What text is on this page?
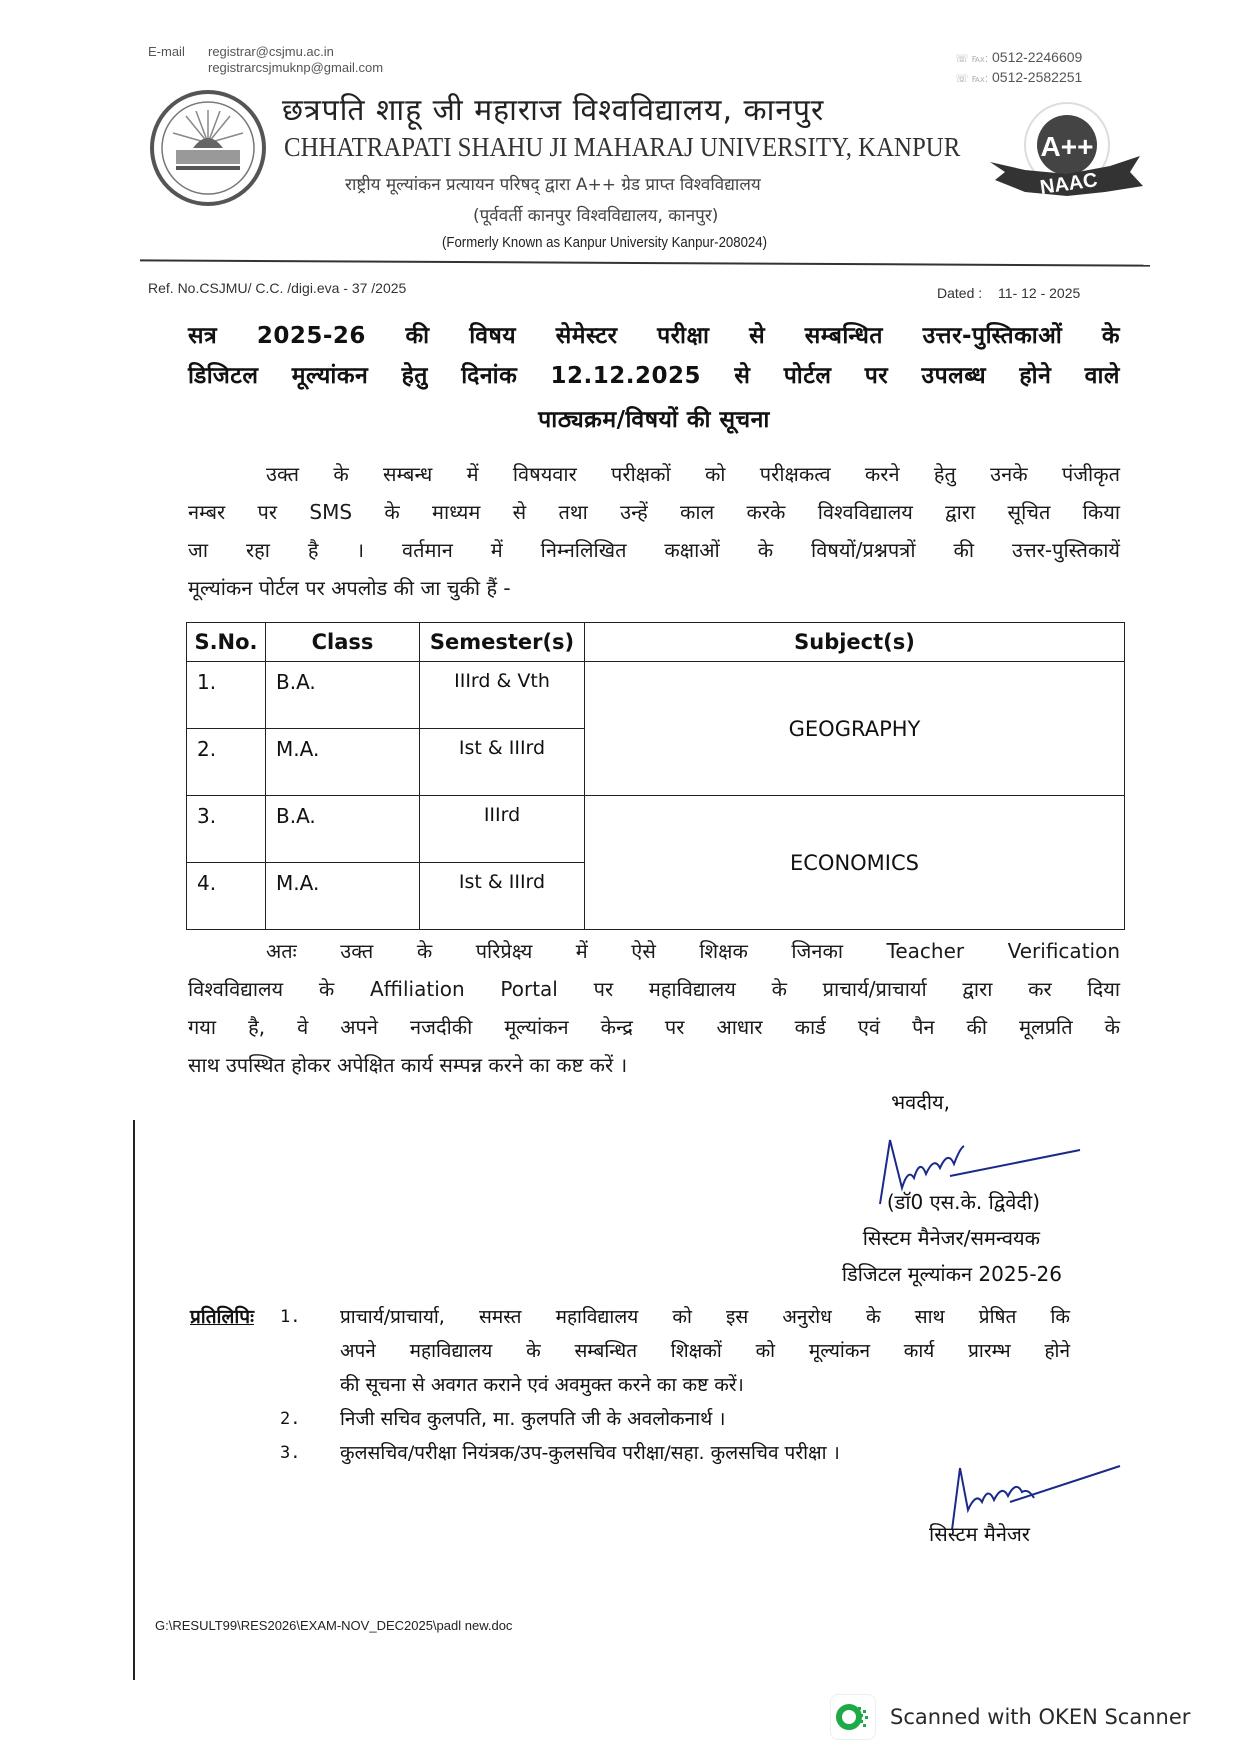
E-mail registrar@csjmu.ac.in
registrarcsjmuknp@gmail.com
☏ ℻: 0512-2246609
☏ ℻: 0512-2582251
छत्रपति शाहू जी महाराज विश्वविद्यालय, कानपुर
CHHATRAPATI SHAHU JI MAHARAJ UNIVERSITY, KANPUR
राष्ट्रीय मूल्यांकन प्रत्यायन परिषद् द्वारा A++ ग्रेड प्राप्त विश्वविद्यालय
(पूर्ववर्ती कानपुर विश्वविद्यालय, कानपुर)
(Formerly Known as Kanpur University Kanpur-208024)
A++
NAAC
Ref. No.CSJMU/ C.C. /digi.eva - 37 /2025	Dated : 11- 12 - 2025
सत्र 2025-26 की विषय सेमेस्टर परीक्षा से सम्बन्धित उत्तर-पुस्तिकाओं के
डिजिटल मूल्यांकन हेतु दिनांक 12.12.2025 से पोर्टल पर उपलब्ध होने वाले
पाठ्यक्रम/विषयों की सूचना
उक्त के सम्बन्ध में विषयवार परीक्षकों को परीक्षकत्व करने हेतु उनके पंजीकृत
नम्बर पर SMS के माध्यम से तथा उन्हें काल करके विश्वविद्यालय द्वारा सूचित किया
जा रहा है । वर्तमान में निम्नलिखित कक्षाओं के विषयों/प्रश्नपत्रों की उत्तर-पुस्तिकायें
मूल्यांकन पोर्टल पर अपलोड की जा चुकी हैं -
S.No.	Class	Semester(s)	Subject(s)
1.	B.A.	IIIrd & Vth	GEOGRAPHY
2.	M.A.	Ist & IIIrd	
3.	B.A.	IIIrd	ECONOMICS
4.	M.A.	Ist & IIIrd	
अतः उक्त के परिप्रेक्ष्य में ऐसे शिक्षक जिनका Teacher Verification
विश्वविद्यालय के Affiliation Portal पर महाविद्यालय के प्राचार्य/प्राचार्या द्वारा कर दिया
गया है, वे अपने नजदीकी मूल्यांकन केन्द्र पर आधार कार्ड एवं पैन की मूलप्रति के
साथ उपस्थित होकर अपेक्षित कार्य सम्पन्न करने का कष्ट करें ।
भवदीय,
(डॉ0 एस.के. द्विवेदी)
सिस्टम मैनेजर/समन्वयक
डिजिटल मूल्यांकन 2025-26
प्रतिलिपिः	1.	प्राचार्य/प्राचार्या, समस्त महाविद्यालय को इस अनुरोध के साथ प्रेषित कि
अपने महाविद्यालय के सम्बन्धित शिक्षकों को मूल्यांकन कार्य प्रारम्भ होने
की सूचना से अवगत कराने एवं अवमुक्त करने का कष्ट करें।
2.	निजी सचिव कुलपति, मा. कुलपति जी के अवलोकनार्थ ।
3.	कुलसचिव/परीक्षा नियंत्रक/उप-कुलसचिव परीक्षा/सहा. कुलसचिव परीक्षा ।
सिस्टम मैनेजर
G:\RESULT99\RES2026\EXAM-NOV_DEC2025\padl new.doc
Scanned with OKEN Scanner
